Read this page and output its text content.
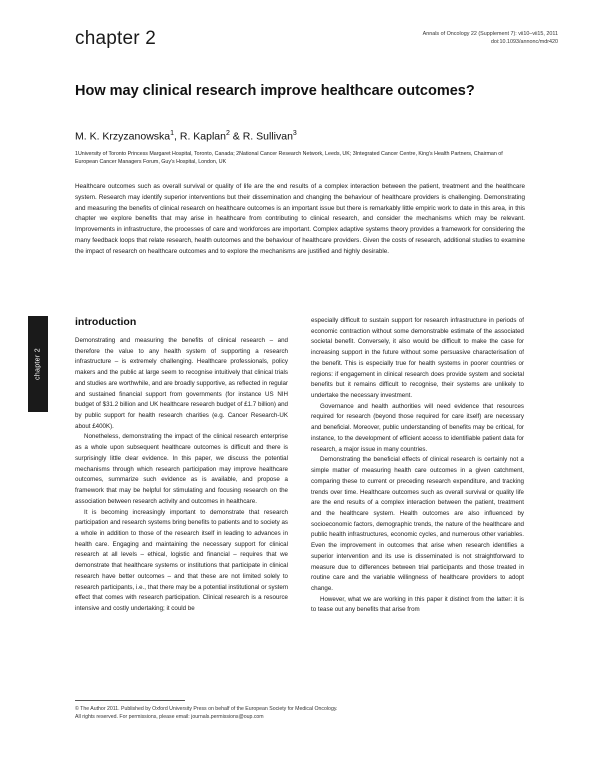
chapter 2	Annals of Oncology 22 (Supplement 7): vii10–vii15, 2011
doi:10.1093/annonc/mdr420
How may clinical research improve healthcare outcomes?
M. K. Krzyzanowska$^1$, R. Kaplan$^2$ & R. Sullivan$^3$
1University of Toronto Princess Margaret Hospital, Toronto, Canada; 2National Cancer Research Network, Leeds, UK; 3Integrated Cancer Centre, King's Health Partners, Chairman of European Cancer Managers Forum, Guy's Hospital, London, UK
Healthcare outcomes such as overall survival or quality of life are the end results of a complex interaction between the patient, treatment and the healthcare system. Research may identify superior interventions but their dissemination and changing the behaviour of healthcare providers is challenging. Demonstrating and measuring the benefits of clinical research on healthcare outcomes is an important issue but there is remarkably little empiric work to date in this area, in this chapter we explore benefits that may arise in healthcare from contributing to clinical research, and consider the mechanisms which may be relevant. Improvements in infrastructure, the processes of care and workforces are important. Complex adaptive systems theory provides a framework for considering the many feedback loops that relate research, health outcomes and the behaviour of healthcare providers. Given the costs of research, additional studies to examine the impact of research on healthcare outcomes and to explore the mechanisms are justified and highly desirable.
chapter 2
introduction

Demonstrating and measuring the benefits of clinical research – and therefore the value to any health system of supporting a research infrastructure – is extremely challenging. Healthcare professionals, policy makers and the public at large seem to recognise intuitively that clinical trials and studies are worthwhile, and are broadly supportive, as reflected in regular and sustained financial support from governments (for instance US NIH budget of $31.2 billion and UK healthcare research budget of £1.7 billion) and by public support for health research charities (e.g. Cancer Research-UK about £400K).

Nonetheless, demonstrating the impact of the clinical research enterprise as a whole upon subsequent healthcare outcomes is difficult and there is surprisingly little clear evidence. In this paper, we discuss the potential mechanisms through which research participation may improve healthcare outcomes, summarize such evidence as is available, and propose a framework that may be helpful for stimulating and focusing research on the association between research activity and outcomes in healthcare.

It is becoming increasingly important to demonstrate that research participation and research systems bring benefits to patients and to society as a whole in addition to those of the research itself in leading to advances in health care. Engaging and maintaining the necessary support for clinical research at all levels – ethical, logistic and financial – requires that we demonstrate that healthcare systems or institutions that participate in clinical research have better outcomes – and that these are not limited solely to research participants, i.e., that there may be a potential institutional or system effect that comes with research participation. Clinical research is a resource intensive and costly undertaking; it could be

especially difficult to sustain support for research infrastructure in periods of economic contraction without some demonstrable estimate of the associated societal benefit. Conversely, it also would be difficult to make the case for increasing support in the future without some persuasive characterisation of the benefit. This is especially true for health systems in poorer countries or regions: if engagement in clinical research does provide system and societal benefits but it remains difficult to recognise, their systems are unlikely to undertake the necessary investment.

Governance and health authorities will need evidence that resources required for research (beyond those required for care itself) are necessary and beneficial. Moreover, public understanding of benefits may be critical, for instance, to the development of efficient access to identifiable patient data for research, a major issue in many countries.

Demonstrating the beneficial effects of clinical research is certainly not a simple matter of measuring health care outcomes in a given catchment, comparing these to current or preceding research expenditure, and tracking trends over time. Healthcare outcomes such as overall survival or quality life are the end results of a complex interaction between the patient, treatment and the healthcare system. Health outcomes are also influenced by socioeconomic factors, demographic trends, the nature of the healthcare and public health infrastructures, economic cycles, and numerous other variables. Even the improvement in outcomes that arise when research identifies a superior intervention and its use is disseminated is not straightforward to measure due to differences between trial participants and those treated in routine care and the variable willingness of healthcare providers to adopt change.

However, what we are working in this paper it distinct from the latter: it is to tease out any benefits that arise from

© The Author 2011. Published by Oxford University Press on behalf of the European Society for Medical Oncology.
All rights reserved. For permissions, please email: journals.permissions@oup.com
